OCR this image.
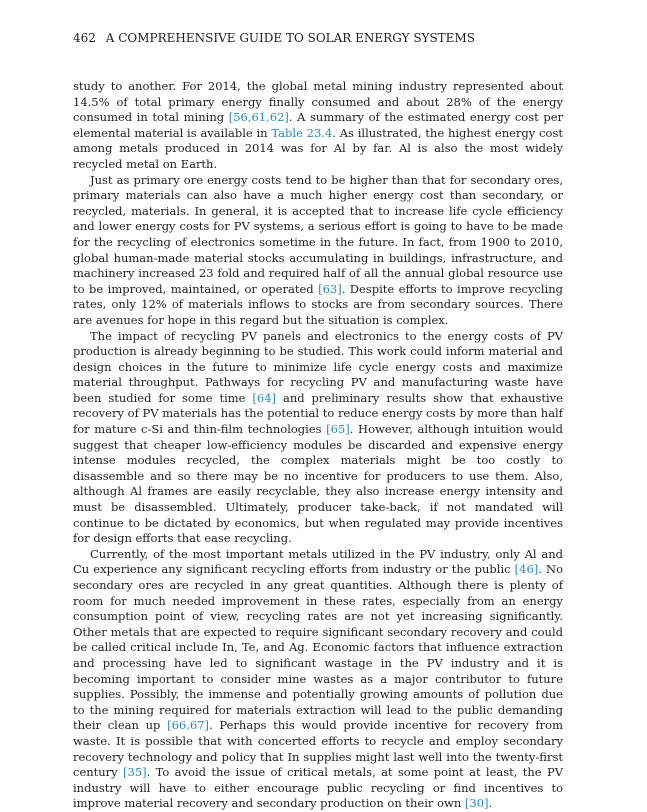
462 A COMPREHENSIVE GUIDE TO SOLAR ENERGY SYSTEMS

study to another. For 2014, the global metal mining industry represented about 14.5% of total primary energy finally consumed and about 28% of the energy consumed in total mining [56,61,62]. A summary of the estimated energy cost per elemental material is available in Table 23.4. As illustrated, the highest energy cost among metals produced in 2014 was for Al by far. Al is also the most widely recycled metal on Earth.

Just as primary ore energy costs tend to be higher than that for secondary ores, primary materials can also have a much higher energy cost than secondary, or recycled, materials. In general, it is accepted that to increase life cycle efficiency and lower energy costs for PV systems, a serious effort is going to have to be made for the recycling of electronics sometime in the future. In fact, from 1900 to 2010, global human-made material stocks accumulating in buildings, infrastructure, and machinery increased 23 fold and required half of all the annual global resource use to be improved, maintained, or operated [63]. Despite efforts to improve recycling rates, only 12% of materials inflows to stocks are from secondary sources. There are avenues for hope in this regard but the situation is complex.

The impact of recycling PV panels and electronics to the energy costs of PV production is already beginning to be studied. This work could inform material and design choices in the future to minimize life cycle energy costs and maximize material throughput. Pathways for recycling PV and manufacturing waste have been studied for some time [64] and preliminary results show that exhaustive recovery of PV materials has the potential to reduce energy costs by more than half for mature c-Si and thin-film technologies [65]. However, although intuition would suggest that cheaper low-efficiency modules be discarded and expensive energy intense modules recycled, the complex materials might be too costly to disassemble and so there may be no incentive for producers to use them. Also, although Al frames are easily recyclable, they also increase energy intensity and must be disassembled. Ultimately, producer take-back, if not mandated will continue to be dictated by economics, but when regulated may provide incentives for design efforts that ease recycling.

Currently, of the most important metals utilized in the PV industry, only Al and Cu experience any significant recycling efforts from industry or the public [46]. No secondary ores are recycled in any great quantities. Although there is plenty of room for much needed improvement in these rates, especially from an energy consumption point of view, recycling rates are not yet increasing significantly. Other metals that are expected to require significant secondary recovery and could be called critical include In, Te, and Ag. Economic factors that influence extraction and processing have led to significant wastage in the PV industry and it is becoming important to consider mine wastes as a major contributor to future supplies. Possibly, the immense and potentially growing amounts of pollution due to the mining required for materials extraction will lead to the public demanding their clean up [66,67]. Perhaps this would provide incentive for recovery from waste. It is possible that with concerted efforts to recycle and employ secondary recovery technology and policy that In supplies might last well into the twenty-first century [35]. To avoid the issue of critical metals, at some point at least, the PV industry will have to either encourage public recycling or find incentives to improve material recovery and secondary production on their own [30].
